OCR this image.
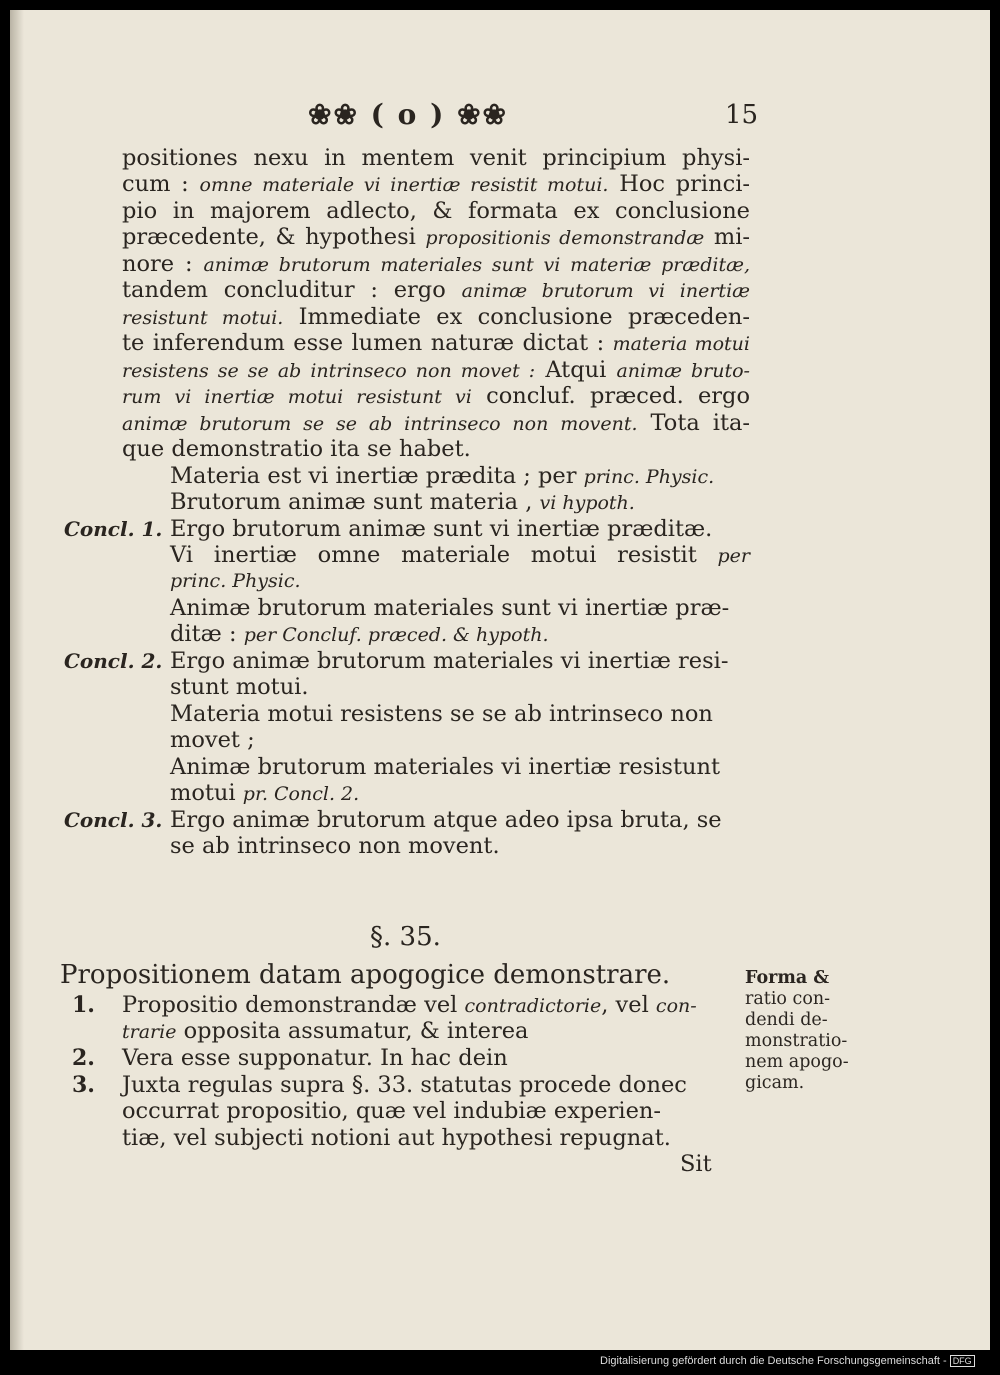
❀❀ ( o ) ❀❀	15
positiones nexu in mentem venit principium physi-
cum : omne materiale vi inertiæ resistit motui. Hoc princi-
pio in majorem adlecto, & formata ex conclusione
præcedente, & hypothesi propositionis demonstrandæ mi-
nore : animæ brutorum materiales sunt vi materiæ præditæ,
tandem concluditur : ergo animæ brutorum vi inertiæ
resistunt motui. Immediate ex conclusione præceden-
te inferendum esse lumen naturæ dictat : materia motui
resistens se se ab intrinseco non movet : Atqui animæ bruto-
rum vi inertiæ motui resistunt vi concluf. præced. ergo
animæ brutorum se se ab intrinseco non movent. Tota ita-
que demonstratio ita se habet.
Materia est vi inertiæ prædita ; per princ. Physic.
Brutorum animæ sunt materia , vi hypoth.
Concl. 1. Ergo brutorum animæ sunt vi inertiæ præditæ.
Vi inertiæ omne materiale motui resistit per
princ. Physic.
Animæ brutorum materiales sunt vi inertiæ præ-
ditæ : per Concluf. præced. & hypoth.
Concl. 2. Ergo animæ brutorum materiales vi inertiæ resi-
stunt motui.
Materia motui resistens se se ab intrinseco non
movet ;
Animæ brutorum materiales vi inertiæ resistunt
motui pr. Concl. 2.
Concl. 3. Ergo animæ brutorum atque adeo ipsa bruta, se
se ab intrinseco non movent.
§. 35.
Propositionem datam apogogice demonstrare.
1. Propositio demonstrandæ vel contradictorie, vel con-
trarie opposita assumatur, & interea
2. Vera esse supponatur. In hac dein
3. Juxta regulas supra §. 33. statutas procede donec
occurrat propositio, quæ vel indubiæ experien-
tiæ, vel subjecti notioni aut hypothesi repugnat.
Sit
Forma &
ratio con-
dendi de-
monstratio-
nem apogo-
gicam.
Digitalisierung gefördert durch die Deutsche Forschungsgemeinschaft - DFG
